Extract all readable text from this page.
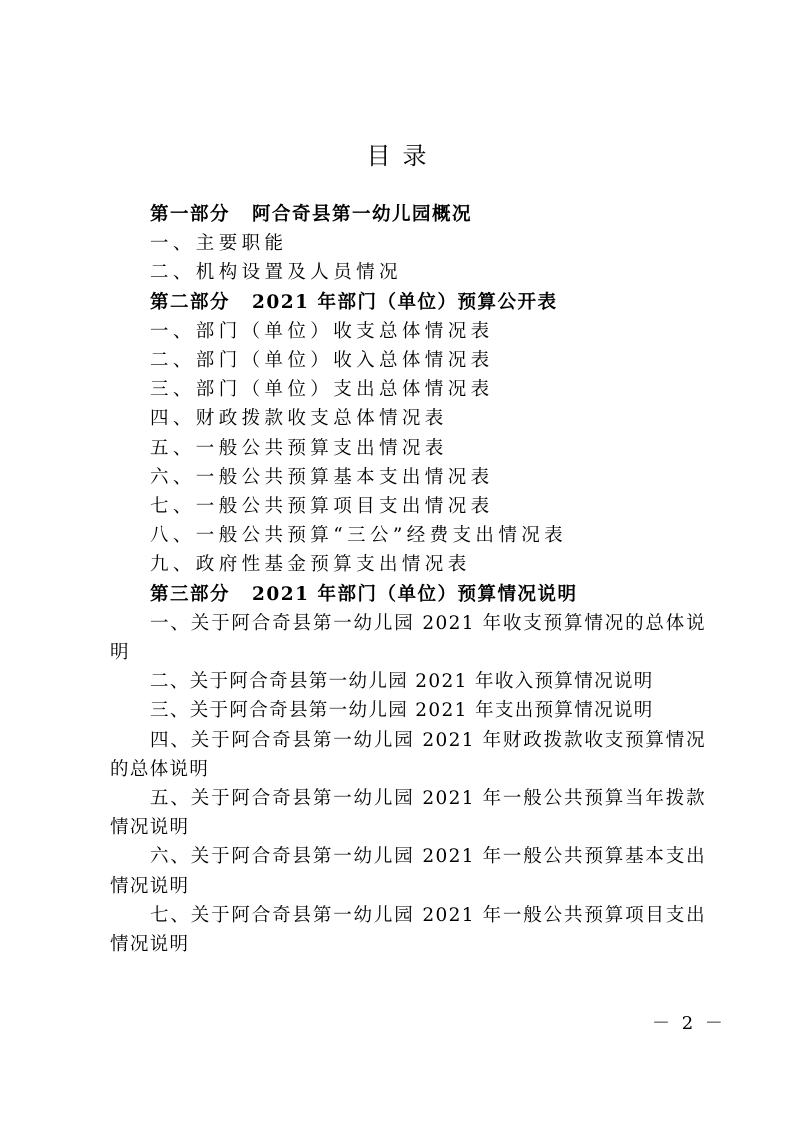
目录
第一部分 阿合奇县第一幼儿园概况
一、主要职能
二、机构设置及人员情况
第二部分 2021 年部门（单位）预算公开表
一、部门（单位）收支总体情况表
二、部门（单位）收入总体情况表
三、部门（单位）支出总体情况表
四、财政拨款收支总体情况表
五、一般公共预算支出情况表
六、一般公共预算基本支出情况表
七、一般公共预算项目支出情况表
八、一般公共预算“三公”经费支出情况表
九、政府性基金预算支出情况表
第三部分 2021 年部门（单位）预算情况说明
一、关于阿合奇县第一幼儿园 2021 年收支预算情况的总体说明
二、关于阿合奇县第一幼儿园 2021 年收入预算情况说明
三、关于阿合奇县第一幼儿园 2021 年支出预算情况说明
四、关于阿合奇县第一幼儿园 2021 年财政拨款收支预算情况的总体说明
五、关于阿合奇县第一幼儿园 2021 年一般公共预算当年拨款情况说明
六、关于阿合奇县第一幼儿园 2021 年一般公共预算基本支出情况说明
七、关于阿合奇县第一幼儿园 2021 年一般公共预算项目支出情况说明
－ 2 －
